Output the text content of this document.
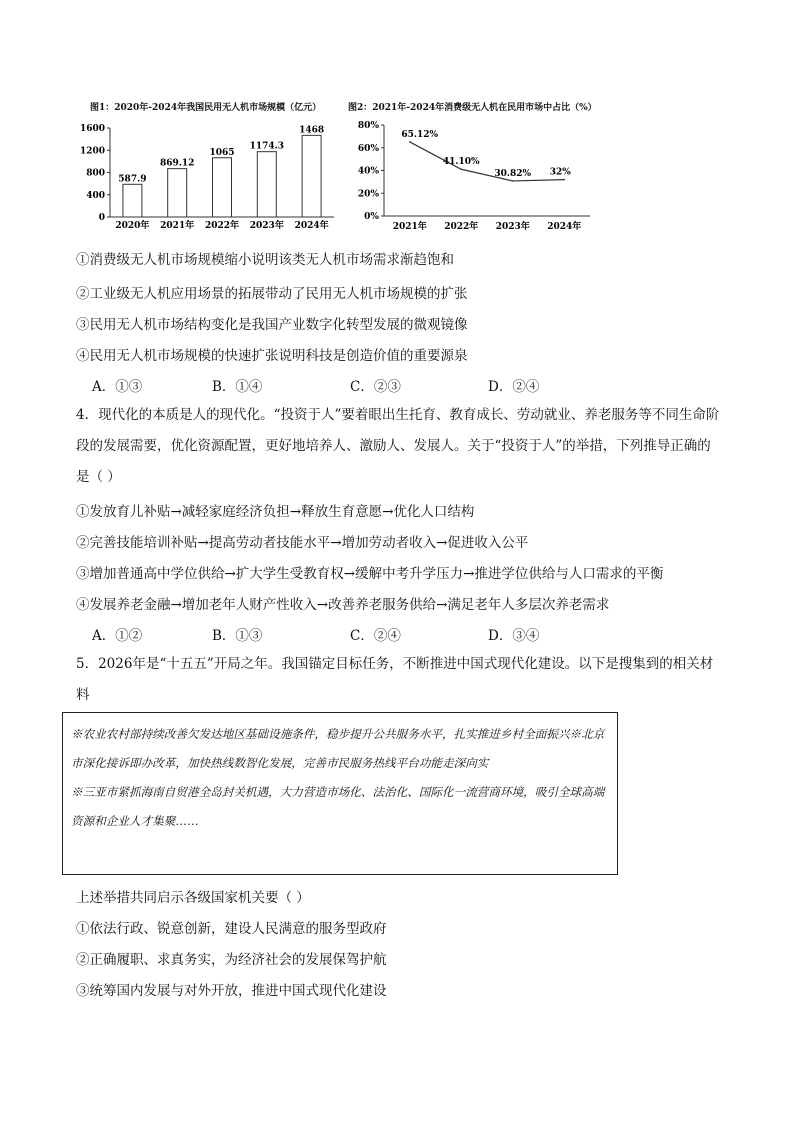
图1：2020年-2024年我国民用无人机市场规模（亿元）	图2：2021年-2024年消费级无人机在民用市场中占比（%）
0
400
800
1200
1600
587.9
2020年
869.12
2021年
1065
2022年
1174.3
2023年
1468
2024年
0%
20%
40%
60%
80%
2021年 2022年 2023年 2024年
65.12%
41.10%
30.82% 32%
①消费级无人机市场规模缩小说明该类无人机市场需求渐趋饱和
②工业级无人机应用场景的拓展带动了民用无人机市场规模的扩张
③民用无人机市场结构变化是我国产业数字化转型发展的微观镜像
④民用无人机市场规模的快速扩张说明科技是创造价值的重要源泉
A．①③	B．①④	C．②③	D．②④
4．现代化的本质是人的现代化。“投资于人”要着眼出生托育、教育成长、劳动就业、养老服务等不同生命阶段的发展需要，优化资源配置，更好地培养人、激励人、发展人。关于“投资于人”的举措，下列推导正确的是（ ）
①发放育儿补贴→减轻家庭经济负担→释放生育意愿→优化人口结构
②完善技能培训补贴→提高劳动者技能水平→增加劳动者收入→促进收入公平
③增加普通高中学位供给→扩大学生受教育权→缓解中考升学压力→推进学位供给与人口需求的平衡
④发展养老金融→增加老年人财产性收入→改善养老服务供给→满足老年人多层次养老需求
A．①②	B．①③	C．②④	D．③④
5．2026年是“十五五”开局之年。我国锚定目标任务，不断推进中国式现代化建设。以下是搜集到的相关材料
※农业农村部持续改善欠发达地区基础设施条件，稳步提升公共服务水平，扎实推进乡村全面振兴※北京市深化接诉即办改革，加快热线数智化发展，完善市民服务热线平台功能走深向实
※三亚市紧抓海南自贸港全岛封关机遇，大力营造市场化、法治化、国际化一流营商环境，吸引全球高端资源和企业人才集聚……
上述举措共同启示各级国家机关要（ ）
①依法行政、锐意创新，建设人民满意的服务型政府
②正确履职、求真务实，为经济社会的发展保驾护航
③统筹国内发展与对外开放，推进中国式现代化建设
